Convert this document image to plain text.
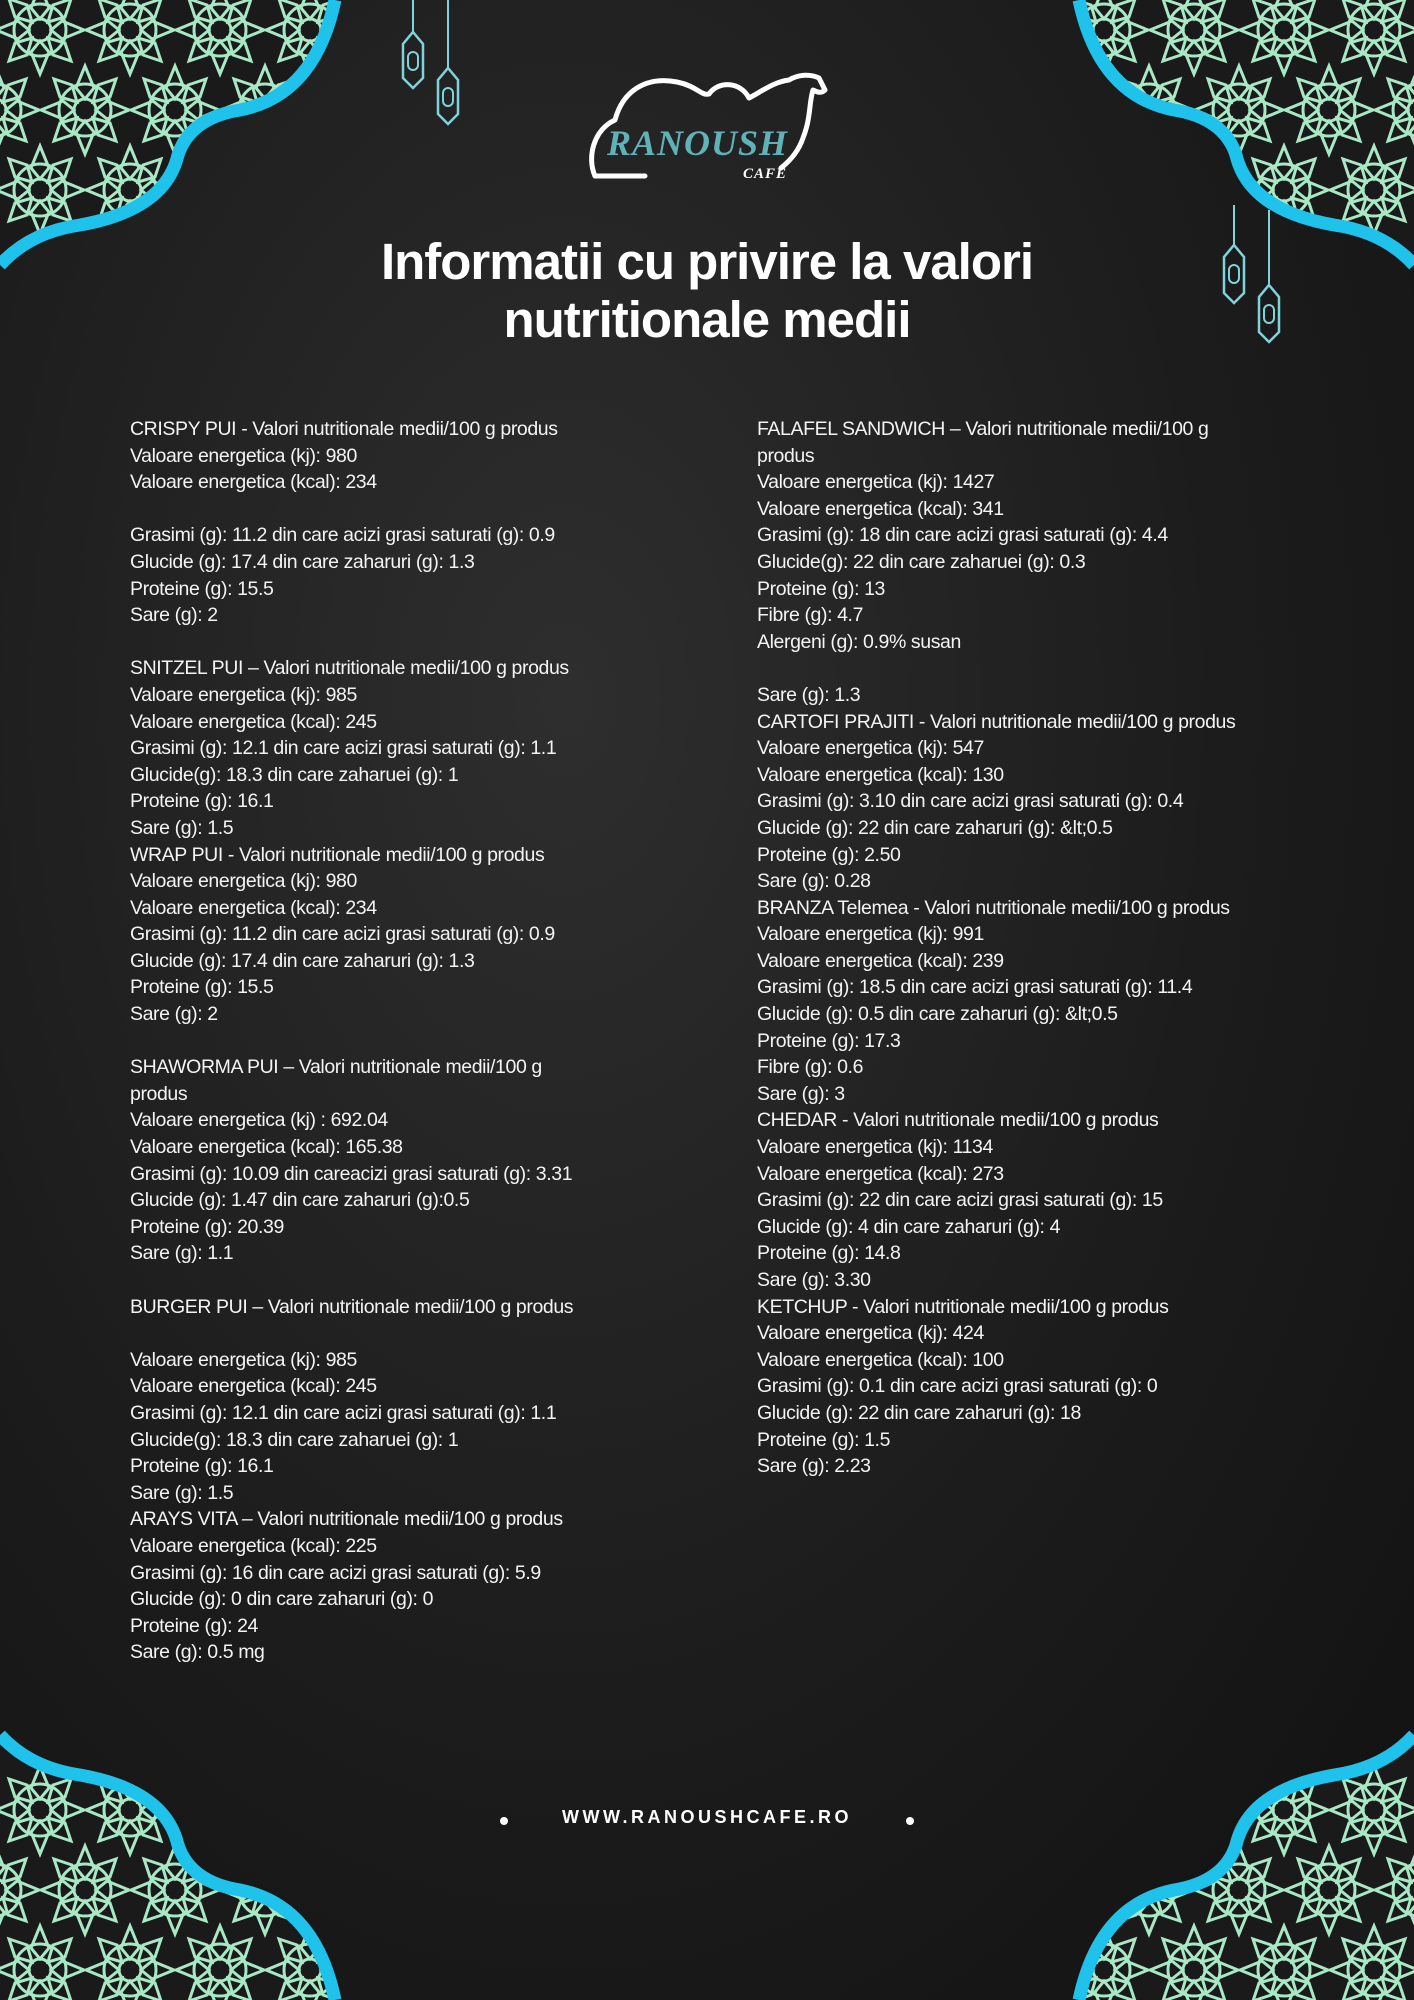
RANOUSH
CAFE
Informatii cu privire la valori
nutritionale medii
CRISPY PUI - Valori nutritionale medii/100 g produs
Valoare energetica (kj): 980
Valoare energetica (kcal): 234
Grasimi (g): 11.2 din care acizi grasi saturati (g): 0.9
Glucide (g): 17.4 din care zaharuri (g): 1.3
Proteine (g): 15.5
Sare (g): 2
SNITZEL PUI – Valori nutritionale medii/100 g produs
Valoare energetica (kj): 985
Valoare energetica (kcal): 245
Grasimi (g): 12.1 din care acizi grasi saturati (g): 1.1
Glucide(g): 18.3 din care zaharuei (g): 1
Proteine (g): 16.1
Sare (g): 1.5
WRAP PUI - Valori nutritionale medii/100 g produs
Valoare energetica (kj): 980
Valoare energetica (kcal): 234
Grasimi (g): 11.2 din care acizi grasi saturati (g): 0.9
Glucide (g): 17.4 din care zaharuri (g): 1.3
Proteine (g): 15.5
Sare (g): 2
SHAWORMA PUI – Valori nutritionale medii/100 g
produs
Valoare energetica (kj) : 692.04
Valoare energetica (kcal): 165.38
Grasimi (g): 10.09 din careacizi grasi saturati (g): 3.31
Glucide (g): 1.47 din care zaharuri (g):0.5
Proteine (g): 20.39
Sare (g): 1.1
BURGER PUI – Valori nutritionale medii/100 g produs
Valoare energetica (kj): 985
Valoare energetica (kcal): 245
Grasimi (g): 12.1 din care acizi grasi saturati (g): 1.1
Glucide(g): 18.3 din care zaharuei (g): 1
Proteine (g): 16.1
Sare (g): 1.5
ARAYS VITA – Valori nutritionale medii/100 g produs
Valoare energetica (kcal): 225
Grasimi (g): 16 din care acizi grasi saturati (g): 5.9
Glucide (g): 0 din care zaharuri (g): 0
Proteine (g): 24
Sare (g): 0.5 mg
FALAFEL SANDWICH – Valori nutritionale medii/100 g
produs
Valoare energetica (kj): 1427
Valoare energetica (kcal): 341
Grasimi (g): 18 din care acizi grasi saturati (g): 4.4
Glucide(g): 22 din care zaharuei (g): 0.3
Proteine (g): 13
Fibre (g): 4.7
Alergeni (g): 0.9% susan
Sare (g): 1.3
CARTOFI PRAJITI - Valori nutritionale medii/100 g produs
Valoare energetica (kj): 547
Valoare energetica (kcal): 130
Grasimi (g): 3.10 din care acizi grasi saturati (g): 0.4
Glucide (g): 22 din care zaharuri (g): &lt;0.5
Proteine (g): 2.50
Sare (g): 0.28
BRANZA Telemea - Valori nutritionale medii/100 g produs
Valoare energetica (kj): 991
Valoare energetica (kcal): 239
Grasimi (g): 18.5 din care acizi grasi saturati (g): 11.4
Glucide (g): 0.5 din care zaharuri (g): &lt;0.5
Proteine (g): 17.3
Fibre (g): 0.6
Sare (g): 3
CHEDAR - Valori nutritionale medii/100 g produs
Valoare energetica (kj): 1134
Valoare energetica (kcal): 273
Grasimi (g): 22 din care acizi grasi saturati (g): 15
Glucide (g): 4 din care zaharuri (g): 4
Proteine (g): 14.8
Sare (g): 3.30
KETCHUP - Valori nutritionale medii/100 g produs
Valoare energetica (kj): 424
Valoare energetica (kcal): 100
Grasimi (g): 0.1 din care acizi grasi saturati (g): 0
Glucide (g): 22 din care zaharuri (g): 18
Proteine (g): 1.5
Sare (g): 2.23
WWW.RANOUSHCAFE.RO
